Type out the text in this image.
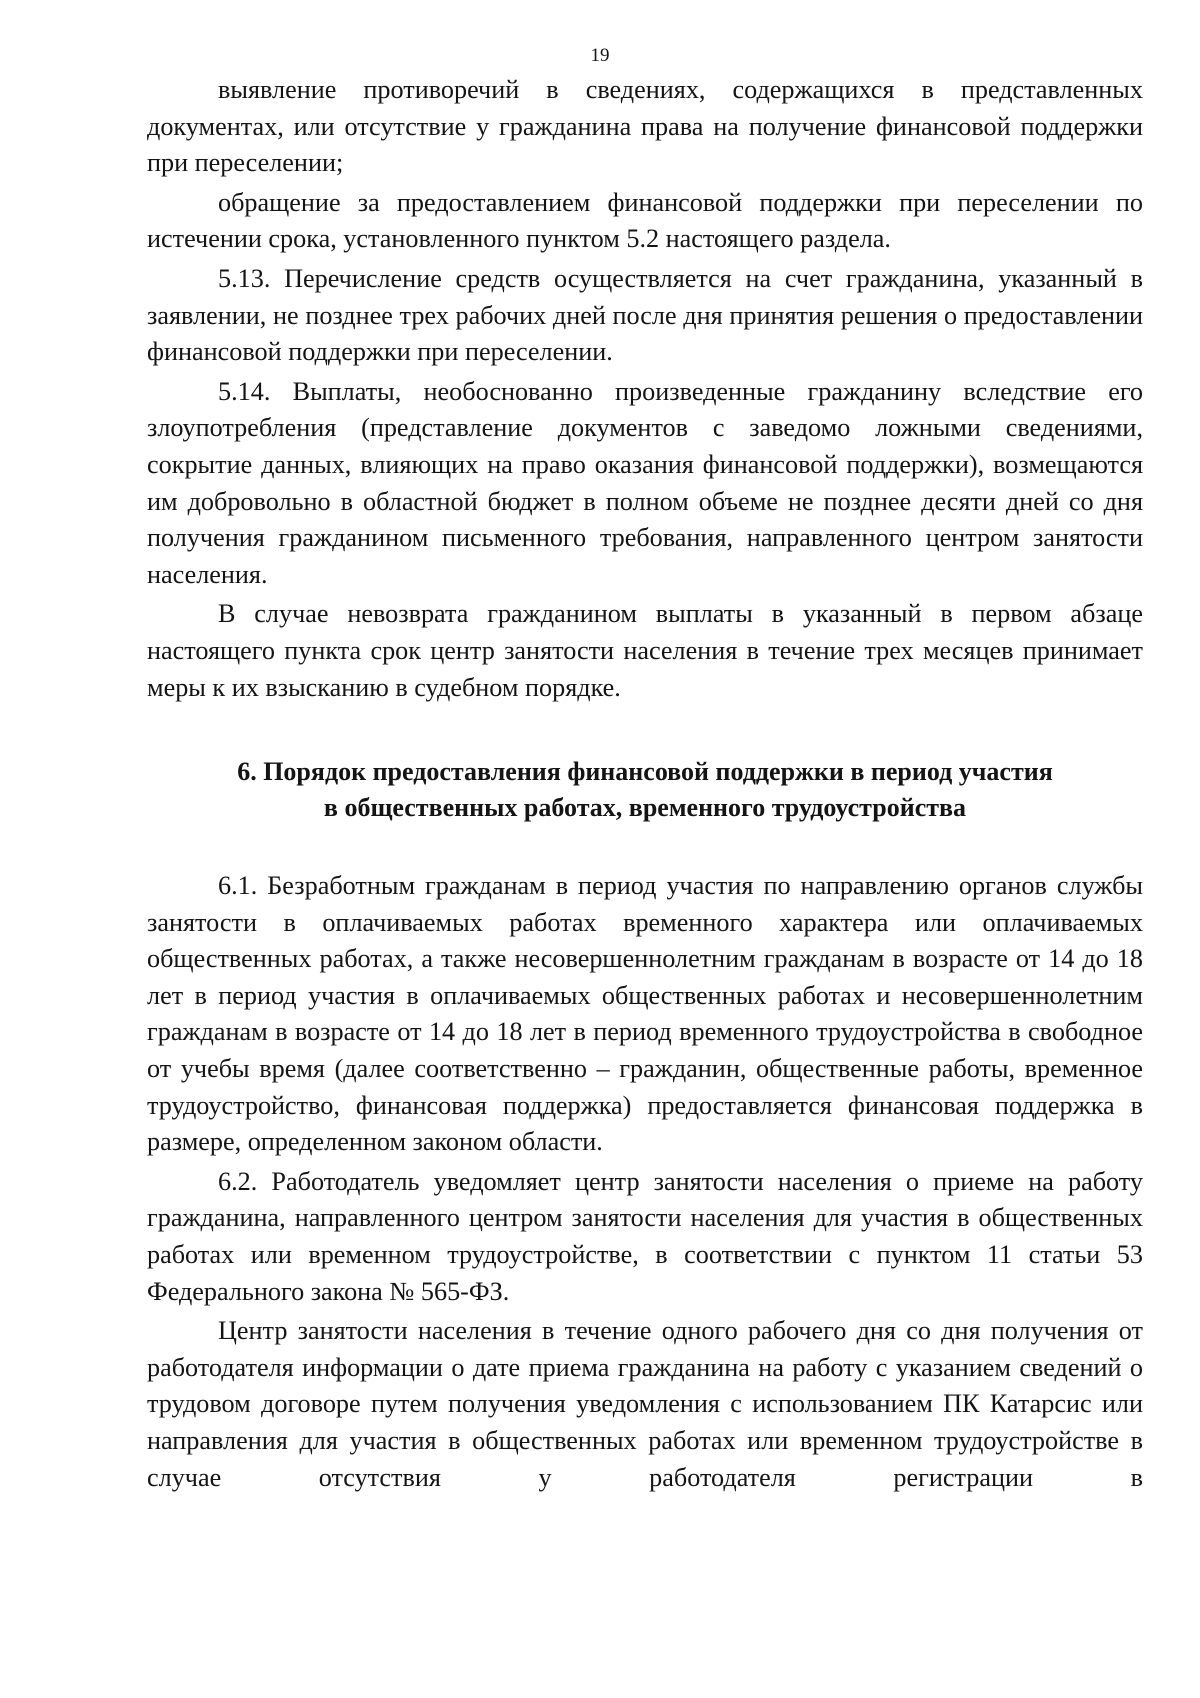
19

выявление противоречий в сведениях, содержащихся в представленных документах, или отсутствие у гражданина права на получение финансовой поддержки при переселении;

обращение за предоставлением финансовой поддержки при переселении по истечении срока, установленного пунктом 5.2 настоящего раздела.

5.13. Перечисление средств осуществляется на счет гражданина, указанный в заявлении, не позднее трех рабочих дней после дня принятия решения о предоставлении финансовой поддержки при переселении.

5.14. Выплаты, необоснованно произведенные гражданину вследствие его злоупотребления (представление документов с заведомо ложными сведениями, сокрытие данных, влияющих на право оказания финансовой поддержки), возмещаются им добровольно в областной бюджет в полном объеме не позднее десяти дней со дня получения гражданином письменного требования, направленного центром занятости населения.

В случае невозврата гражданином выплаты в указанный в первом абзаце настоящего пункта срок центр занятости населения в течение трех месяцев принимает меры к их взысканию в судебном порядке.

6. Порядок предоставления финансовой поддержки в период участия
в общественных работах, временного трудоустройства

6.1. Безработным гражданам в период участия по направлению органов службы занятости в оплачиваемых работах временного характера или оплачиваемых общественных работах, а также несовершеннолетним гражданам в возрасте от 14 до 18 лет в период участия в оплачиваемых общественных работах и несовершеннолетним гражданам в возрасте от 14 до 18 лет в период временного трудоустройства в свободное от учебы время (далее соответственно – гражданин, общественные работы, временное трудоустройство, финансовая поддержка) предоставляется финансовая поддержка в размере, определенном законом области.

6.2. Работодатель уведомляет центр занятости населения о приеме на работу гражданина, направленного центром занятости населения для участия в общественных работах или временном трудоустройстве, в соответствии с пунктом 11 статьи 53 Федерального закона № 565-ФЗ.

Центр занятости населения в течение одного рабочего дня со дня получения от работодателя информации о дате приема гражданина на работу с указанием сведений о трудовом договоре путем получения уведомления с использованием ПК Катарсис или направления для участия в общественных работах или временном трудоустройстве в случае отсутствия у работодателя регистрации в
